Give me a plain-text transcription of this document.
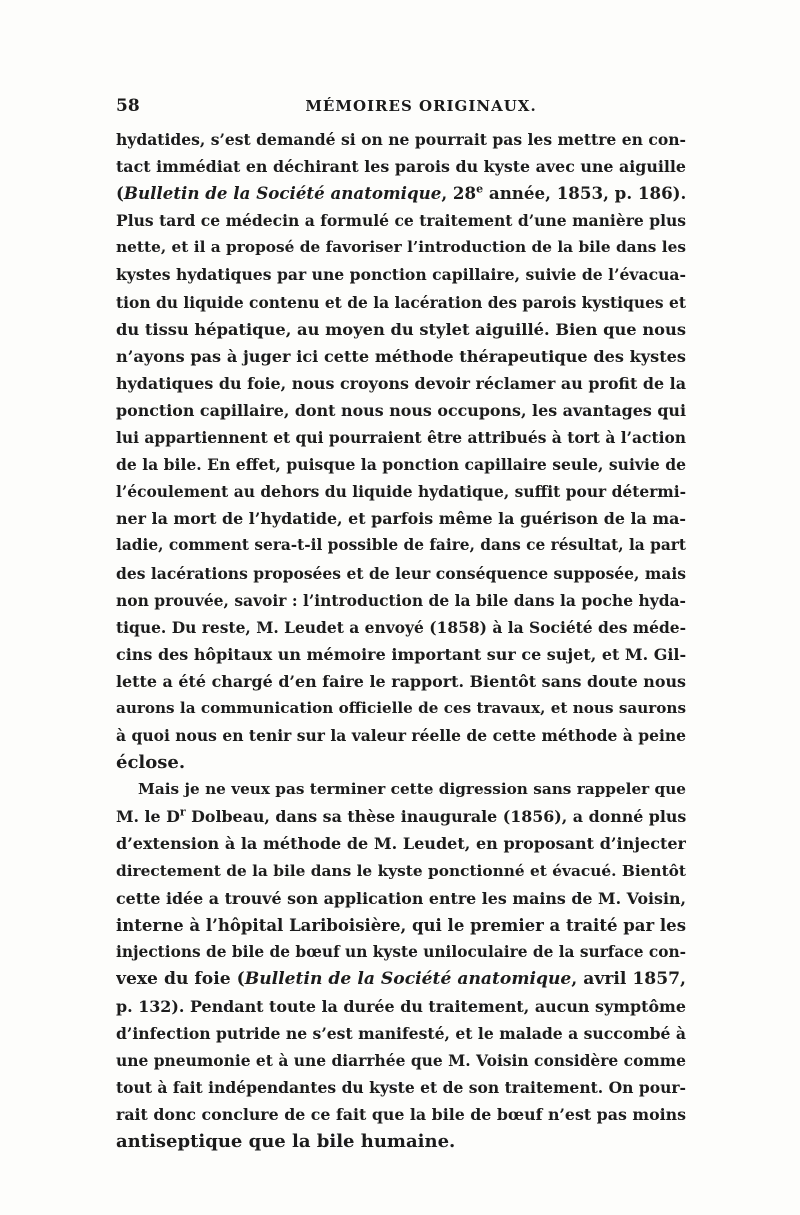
58	MÉMOIRES ORIGINAUX.
hydatides, s’est demandé si on ne pourrait pas les mettre en con-
tact immédiat en déchirant les parois du kyste avec une aiguille
(Bulletin de la Société anatomique, 28e année, 1853, p. 186).
Plus tard ce médecin a formulé ce traitement d’une manière plus
nette, et il a proposé de favoriser l’introduction de la bile dans les
kystes hydatiques par une ponction capillaire, suivie de l’évacua-
tion du liquide contenu et de la lacération des parois kystiques et
du tissu hépatique, au moyen du stylet aiguillé. Bien que nous
n’ayons pas à juger ici cette méthode thérapeutique des kystes
hydatiques du foie, nous croyons devoir réclamer au profit de la
ponction capillaire, dont nous nous occupons, les avantages qui
lui appartiennent et qui pourraient être attribués à tort à l’action
de la bile. En effet, puisque la ponction capillaire seule, suivie de
l’écoulement au dehors du liquide hydatique, suffit pour détermi-
ner la mort de l’hydatide, et parfois même la guérison de la ma-
ladie, comment sera-t-il possible de faire, dans ce résultat, la part
des lacérations proposées et de leur conséquence supposée, mais
non prouvée, savoir : l’introduction de la bile dans la poche hyda-
tique. Du reste, M. Leudet a envoyé (1858) à la Société des méde-
cins des hôpitaux un mémoire important sur ce sujet, et M. Gil-
lette a été chargé d’en faire le rapport. Bientôt sans doute nous
aurons la communication officielle de ces travaux, et nous saurons
à quoi nous en tenir sur la valeur réelle de cette méthode à peine
éclose.
Mais je ne veux pas terminer cette digression sans rappeler que
M. le $D^r$ Dolbeau, dans sa thèse inaugurale (1856), a donné plus
d’extension à la méthode de M. Leudet, en proposant d’injecter
directement de la bile dans le kyste ponctionné et évacué. Bientôt
cette idée a trouvé son application entre les mains de M. Voisin,
interne à l’hôpital Lariboisière, qui le premier a traité par les
injections de bile de bœuf un kyste uniloculaire de la surface con-
vexe du foie (Bulletin de la Société anatomique, avril 1857,
p. 132). Pendant toute la durée du traitement, aucun symptôme
d’infection putride ne s’est manifesté, et le malade a succombé à
une pneumonie et à une diarrhée que M. Voisin considère comme
tout à fait indépendantes du kyste et de son traitement. On pour-
rait donc conclure de ce fait que la bile de bœuf n’est pas moins
antiseptique que la bile humaine.
